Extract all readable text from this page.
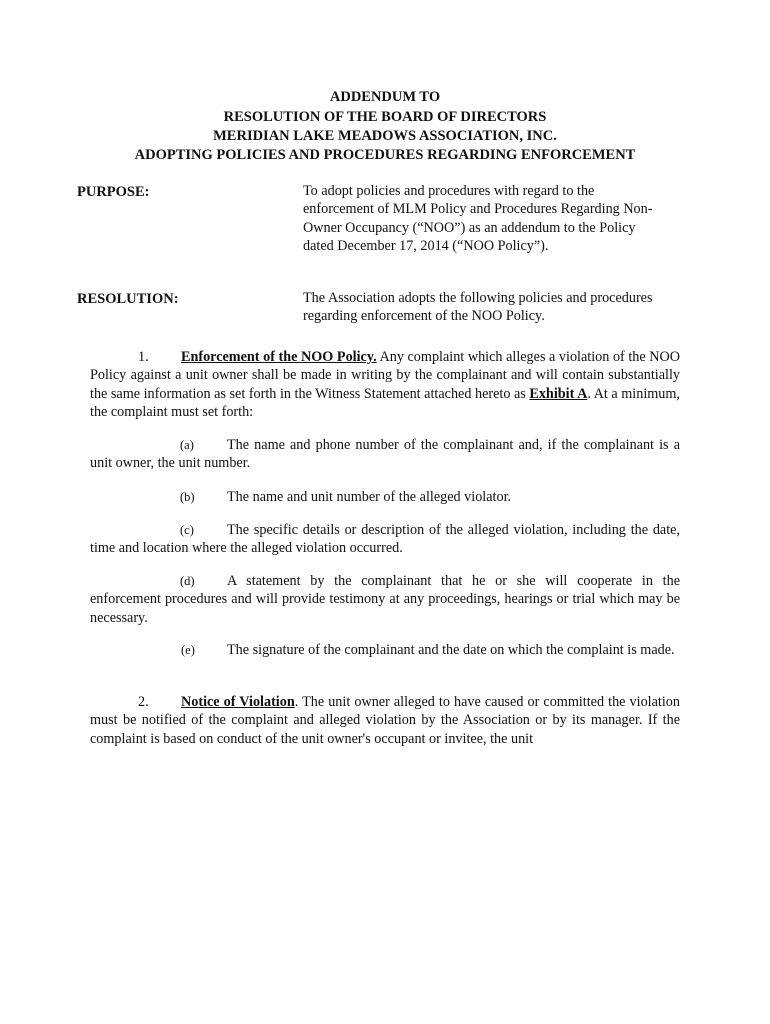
ADDENDUM TO
RESOLUTION OF THE BOARD OF DIRECTORS
MERIDIAN LAKE MEADOWS ASSOCIATION, INC.
ADOPTING POLICIES AND PROCEDURES REGARDING ENFORCEMENT
PURPOSE:	To adopt policies and procedures with regard to the enforcement of MLM Policy and Procedures Regarding Non-Owner Occupancy (“NOO”) as an addendum to the Policy dated December 17, 2014 (“NOO Policy”).
RESOLUTION:	The Association adopts the following policies and procedures regarding enforcement of the NOO Policy.
1. Enforcement of the NOO Policy. Any complaint which alleges a violation of the NOO Policy against a unit owner shall be made in writing by the complainant and will contain substantially the same information as set forth in the Witness Statement attached hereto as Exhibit A. At a minimum, the complaint must set forth:
(a) The name and phone number of the complainant and, if the complainant is a unit owner, the unit number.
(b) The name and unit number of the alleged violator.
(c) The specific details or description of the alleged violation, including the date, time and location where the alleged violation occurred.
(d) A statement by the complainant that he or she will cooperate in the enforcement procedures and will provide testimony at any proceedings, hearings or trial which may be necessary.
(e) The signature of the complainant and the date on which the complaint is made.
2. Notice of Violation. The unit owner alleged to have caused or committed the violation must be notified of the complaint and alleged violation by the Association or by its manager. If the complaint is based on conduct of the unit owner's occupant or invitee, the unit
